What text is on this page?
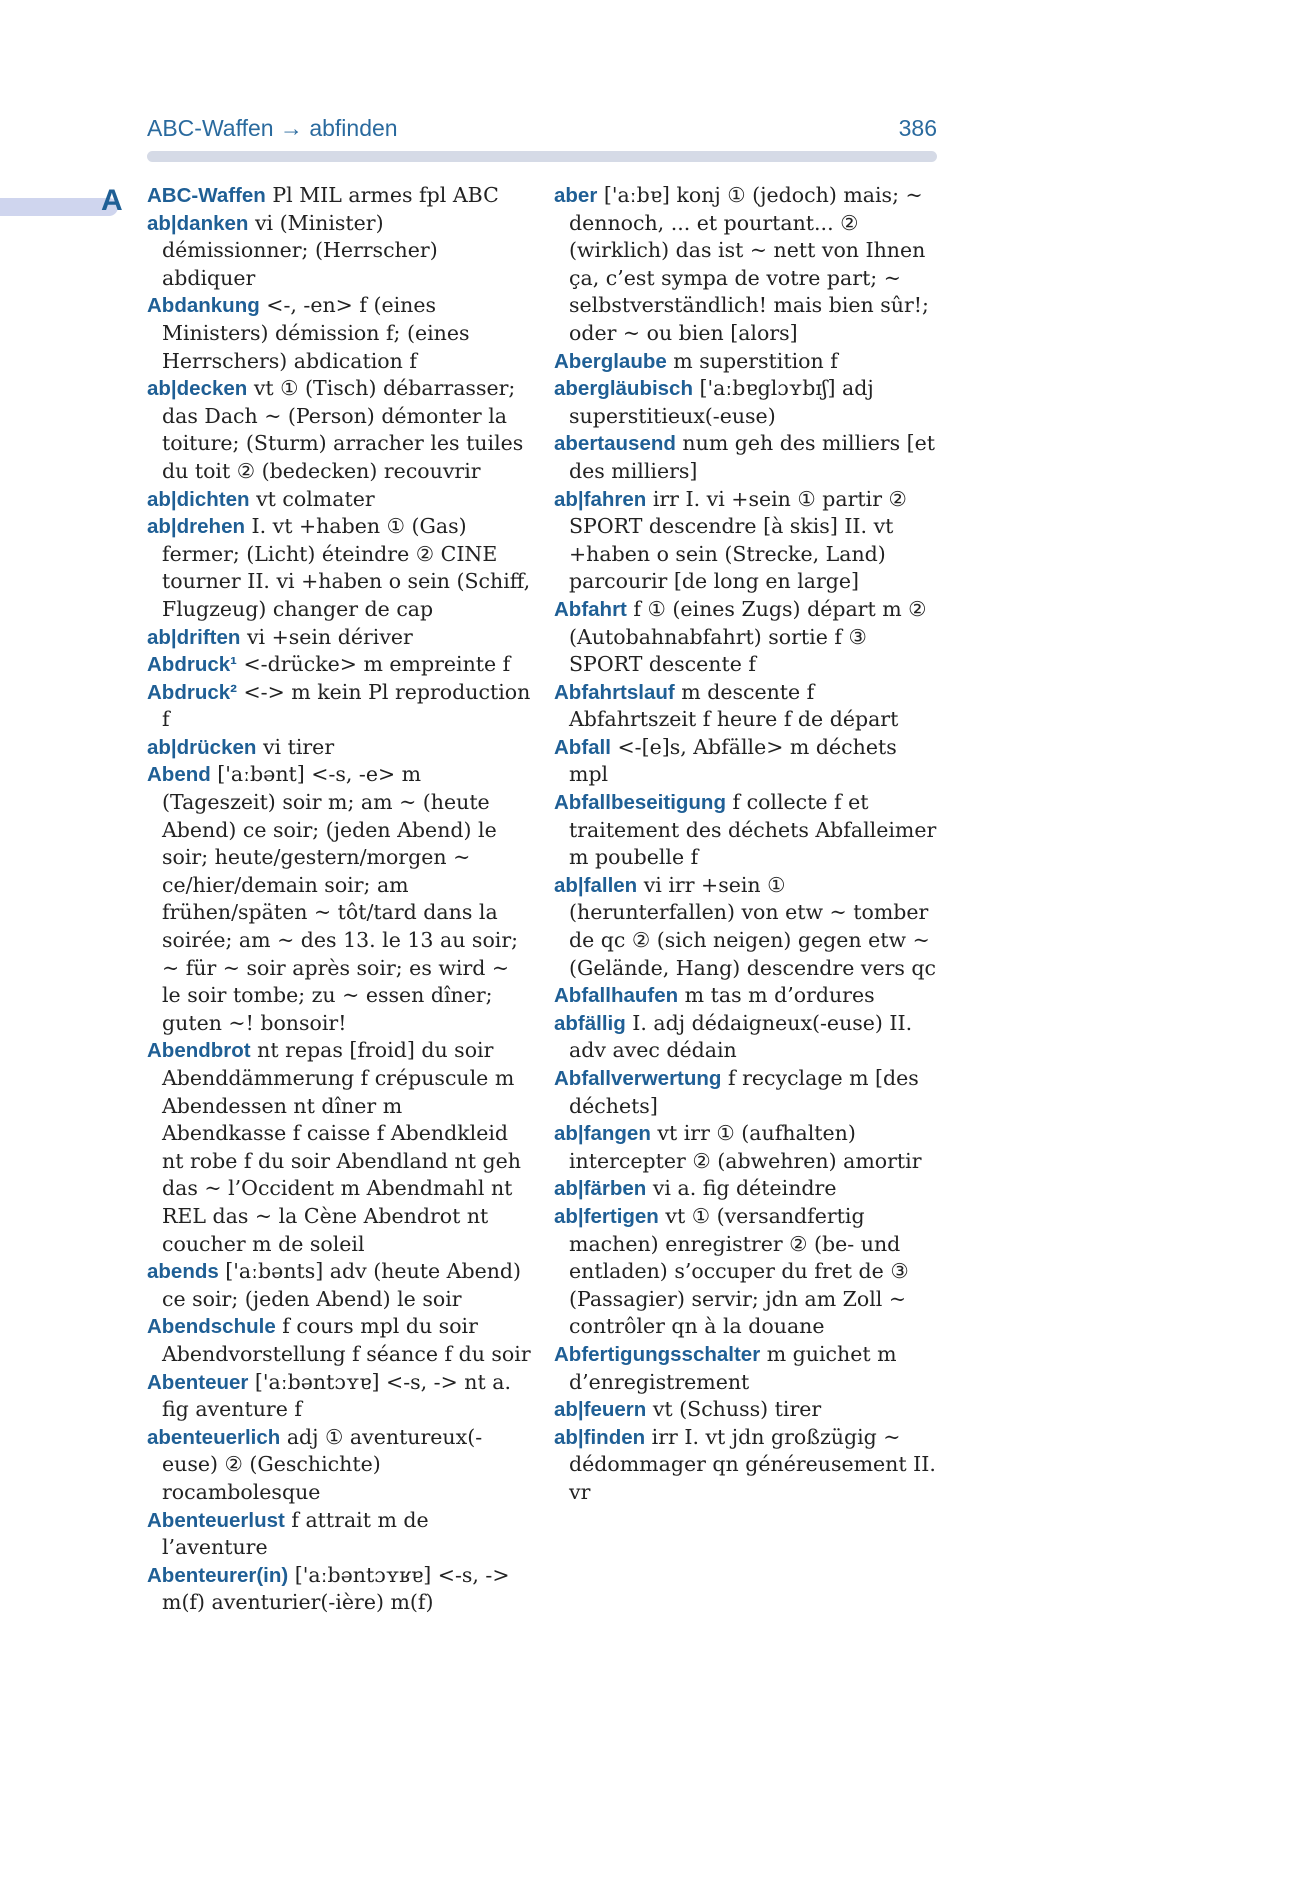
ABC-Waffen → abfinden	386
A ABC-Waffen Pl MIL armes fpl ABC

ab|danken vi (Minister) démissionner; (Herrscher) abdiquer

Abdankung <-, -en> f (eines Ministers) démission f; (eines Herrschers) abdication f

ab|decken vt ① (Tisch) débarrasser; das Dach ~ (Person) démonter la toiture; (Sturm) arracher les tuiles du toit ② (bedecken) recouvrir

ab|dichten vt colmater

ab|drehen I. vt +haben ① (Gas) fermer; (Licht) éteindre ② CINE tourner II. vi +haben o sein (Schiff, Flugzeug) changer de cap

ab|driften vi +sein dériver

Abdruck¹ <-drücke> m empreinte f

Abdruck² <-> m kein Pl reproduction f

ab|drücken vi tirer

Abend ['aːbənt] <-s, -e> m (Tageszeit) soir m; am ~ (heute Abend) ce soir; (jeden Abend) le soir; heute/gestern/morgen ~ ce/hier/demain soir; am frühen/späten ~ tôt/tard dans la soirée; am ~ des 13. le 13 au soir; ~ für ~ soir après soir; es wird ~ le soir tombe; zu ~ essen dîner; guten ~! bonsoir!

Abendbrot nt repas [froid] du soir Abenddämmerung f crépuscule m Abendessen nt dîner m Abendkasse f caisse f Abendkleid nt robe f du soir Abendland nt geh das ~ l’Occident m Abendmahl nt REL das ~ la Cène Abendrot nt coucher m de soleil

abends ['aːbənts] adv (heute Abend) ce soir; (jeden Abend) le soir

Abendschule f cours mpl du soir Abendvorstellung f séance f du soir

Abenteuer ['aːbəntɔʏɐ] <-s, -> nt a. fig aventure f

abenteuerlich adj ① aventureux(-euse) ② (Geschichte) rocambolesque

Abenteuerlust f attrait m de l’aventure

Abenteurer(in) ['aːbəntɔʏʁɐ] <-s, -> m(f) aventurier(-ière) m(f)

aber ['aːbɐ] konj ① (jedoch) mais; ~ dennoch, ... et pourtant... ② (wirklich) das ist ~ nett von Ihnen ça, c’est sympa de votre part; ~ selbstverständlich! mais bien sûr!; oder ~ ou bien [alors]

Aberglaube m superstition f

abergläubisch ['aːbɐglɔʏbɪʃ] adj superstitieux(-euse)

abertausend num geh des milliers [et des milliers]

ab|fahren irr I. vi +sein ① partir ② SPORT descendre [à skis] II. vt +haben o sein (Strecke, Land) parcourir [de long en large]

Abfahrt f ① (eines Zugs) départ m ② (Autobahnabfahrt) sortie f ③ SPORT descente f

Abfahrtslauf m descente f Abfahrtszeit f heure f de départ

Abfall <-[e]s, Abfälle> m déchets mpl

Abfallbeseitigung f collecte f et traitement des déchets Abfalleimer m poubelle f

ab|fallen vi irr +sein ① (herunterfallen) von etw ~ tomber de qc ② (sich neigen) gegen etw ~ (Gelände, Hang) descendre vers qc

Abfallhaufen m tas m d’ordures

abfällig I. adj dédaigneux(-euse) II. adv avec dédain

Abfallverwertung f recyclage m [des déchets]

ab|fangen vt irr ① (aufhalten) intercepter ② (abwehren) amortir

ab|färben vi a. fig déteindre

ab|fertigen vt ① (versandfertig machen) enregistrer ② (be- und entladen) s’occuper du fret de ③ (Passagier) servir; jdn am Zoll ~ contrôler qn à la douane

Abfertigungsschalter m guichet m d’enregistrement

ab|feuern vt (Schuss) tirer

ab|finden irr I. vt jdn großzügig ~ dédommager qn généreusement II. vr
